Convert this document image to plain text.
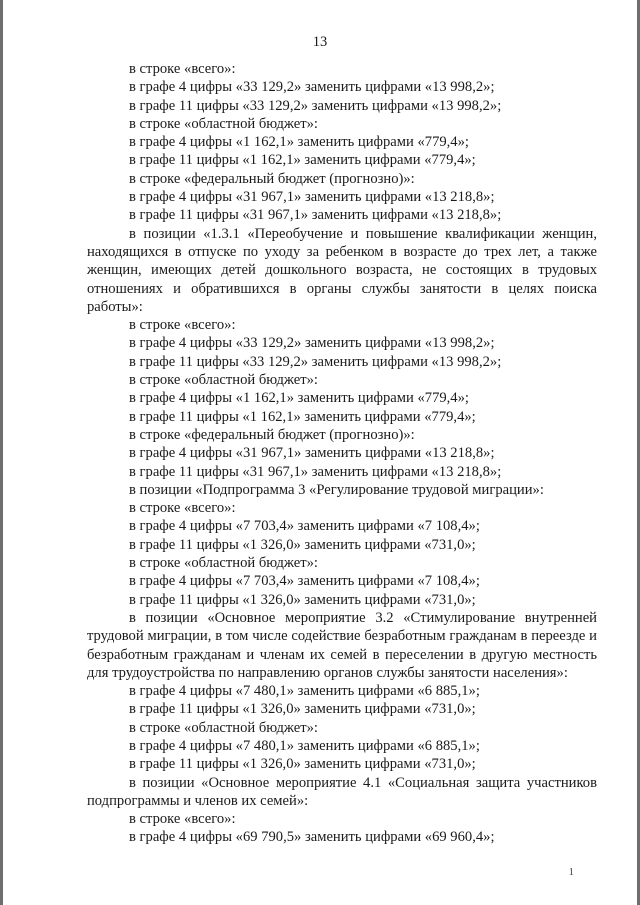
13
в строке «всего»:
в графе 4 цифры «33 129,2» заменить цифрами «13 998,2»;
в графе 11 цифры «33 129,2» заменить цифрами «13 998,2»;
в строке «областной бюджет»:
в графе 4 цифры «1 162,1» заменить цифрами «779,4»;
в графе 11 цифры «1 162,1» заменить цифрами «779,4»;
в строке «федеральный бюджет (прогнозно)»:
в графе 4 цифры «31 967,1» заменить цифрами «13 218,8»;
в графе 11 цифры «31 967,1» заменить цифрами «13 218,8»;
в позиции «1.3.1 «Переобучение и повышение квалификации женщин, находящихся в отпуске по уходу за ребенком в возрасте до трех лет, а также женщин, имеющих детей дошкольного возраста, не состоящих в трудовых отношениях и обратившихся в органы службы занятости в целях поиска работы»:
в строке «всего»:
в графе 4 цифры «33 129,2» заменить цифрами «13 998,2»;
в графе 11 цифры «33 129,2» заменить цифрами «13 998,2»;
в строке «областной бюджет»:
в графе 4 цифры «1 162,1» заменить цифрами «779,4»;
в графе 11 цифры «1 162,1» заменить цифрами «779,4»;
в строке «федеральный бюджет (прогнозно)»:
в графе 4 цифры «31 967,1» заменить цифрами «13 218,8»;
в графе 11 цифры «31 967,1» заменить цифрами «13 218,8»;
в позиции «Подпрограмма 3 «Регулирование трудовой миграции»:
в строке «всего»:
в графе 4 цифры «7 703,4» заменить цифрами «7 108,4»;
в графе 11 цифры «1 326,0» заменить цифрами «731,0»;
в строке «областной бюджет»:
в графе 4 цифры «7 703,4» заменить цифрами «7 108,4»;
в графе 11 цифры «1 326,0» заменить цифрами «731,0»;
в позиции «Основное мероприятие 3.2 «Стимулирование внутренней трудовой миграции, в том числе содействие безработным гражданам в переезде и безработным гражданам и членам их семей в переселении в другую местность для трудоустройства по направлению органов службы занятости населения»:
в графе 4 цифры «7 480,1» заменить цифрами «6 885,1»;
в графе 11 цифры «1 326,0» заменить цифрами «731,0»;
в строке «областной бюджет»:
в графе 4 цифры «7 480,1» заменить цифрами «6 885,1»;
в графе 11 цифры «1 326,0» заменить цифрами «731,0»;
в позиции «Основное мероприятие 4.1 «Социальная защита участников подпрограммы и членов их семей»:
в строке «всего»:
в графе 4 цифры «69 790,5» заменить цифрами «69 960,4»;
1
